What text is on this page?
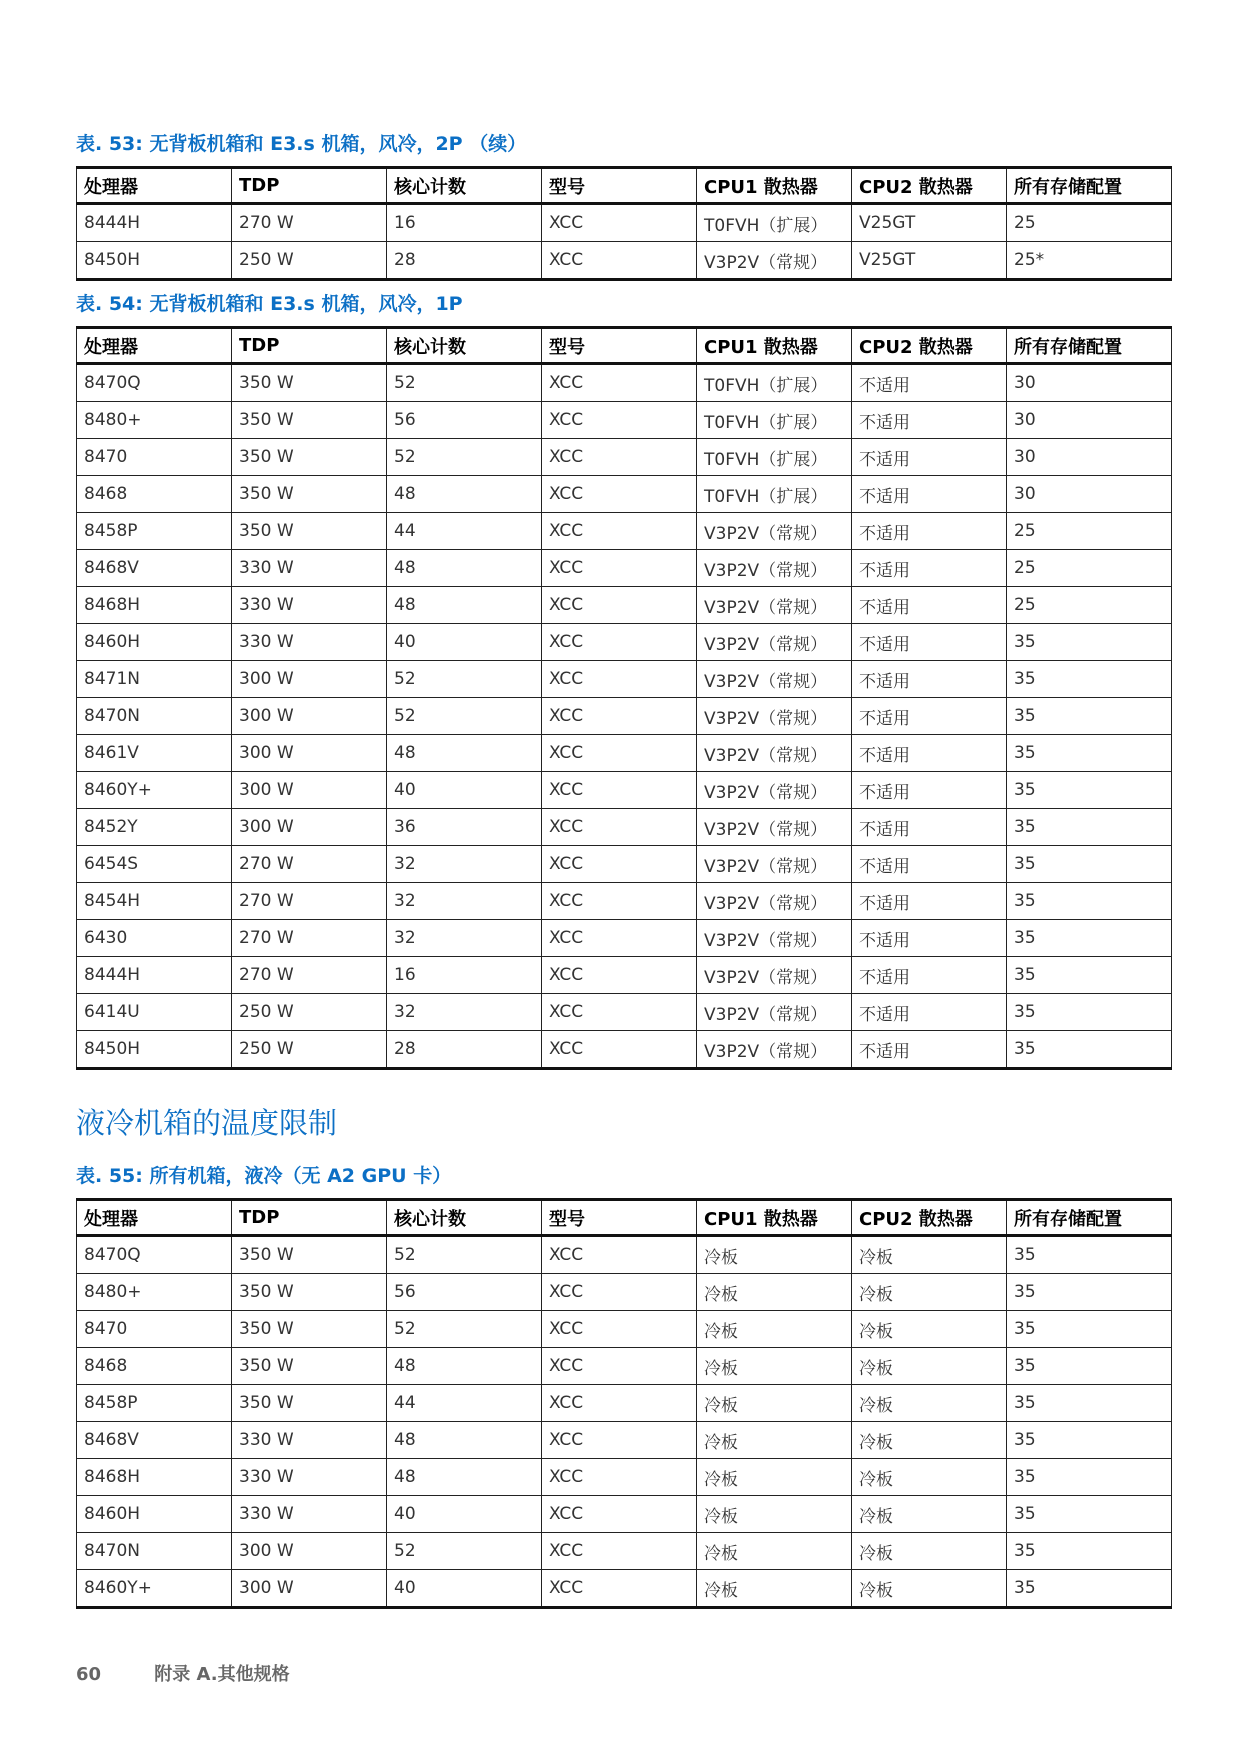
表. 53: 无背板机箱和 E3.s 机箱，风冷，2P （续）
处理器	TDP	核心计数	型号	CPU1 散热器	CPU2 散热器	所有存储配置
8444H	270 W	16	XCC	T0FVH（扩展）	V25GT	25
8450H	250 W	28	XCC	V3P2V（常规）	V25GT	25*
表. 54: 无背板机箱和 E3.s 机箱，风冷，1P
处理器	TDP	核心计数	型号	CPU1 散热器	CPU2 散热器	所有存储配置
8470Q	350 W	52	XCC	T0FVH（扩展）	不适用	30
8480+	350 W	56	XCC	T0FVH（扩展）	不适用	30
8470	350 W	52	XCC	T0FVH（扩展）	不适用	30
8468	350 W	48	XCC	T0FVH（扩展）	不适用	30
8458P	350 W	44	XCC	V3P2V（常规）	不适用	25
8468V	330 W	48	XCC	V3P2V（常规）	不适用	25
8468H	330 W	48	XCC	V3P2V（常规）	不适用	25
8460H	330 W	40	XCC	V3P2V（常规）	不适用	35
8471N	300 W	52	XCC	V3P2V（常规）	不适用	35
8470N	300 W	52	XCC	V3P2V（常规）	不适用	35
8461V	300 W	48	XCC	V3P2V（常规）	不适用	35
8460Y+	300 W	40	XCC	V3P2V（常规）	不适用	35
8452Y	300 W	36	XCC	V3P2V（常规）	不适用	35
6454S	270 W	32	XCC	V3P2V（常规）	不适用	35
8454H	270 W	32	XCC	V3P2V（常规）	不适用	35
6430	270 W	32	XCC	V3P2V（常规）	不适用	35
8444H	270 W	16	XCC	V3P2V（常规）	不适用	35
6414U	250 W	32	XCC	V3P2V（常规）	不适用	35
8450H	250 W	28	XCC	V3P2V（常规）	不适用	35
液冷机箱的温度限制
表. 55: 所有机箱，液冷（无 A2 GPU 卡）
处理器	TDP	核心计数	型号	CPU1 散热器	CPU2 散热器	所有存储配置
8470Q	350 W	52	XCC	冷板	冷板	35
8480+	350 W	56	XCC	冷板	冷板	35
8470	350 W	52	XCC	冷板	冷板	35
8468	350 W	48	XCC	冷板	冷板	35
8458P	350 W	44	XCC	冷板	冷板	35
8468V	330 W	48	XCC	冷板	冷板	35
8468H	330 W	48	XCC	冷板	冷板	35
8460H	330 W	40	XCC	冷板	冷板	35
8470N	300 W	52	XCC	冷板	冷板	35
8460Y+	300 W	40	XCC	冷板	冷板	35
60	附录 A.其他规格
